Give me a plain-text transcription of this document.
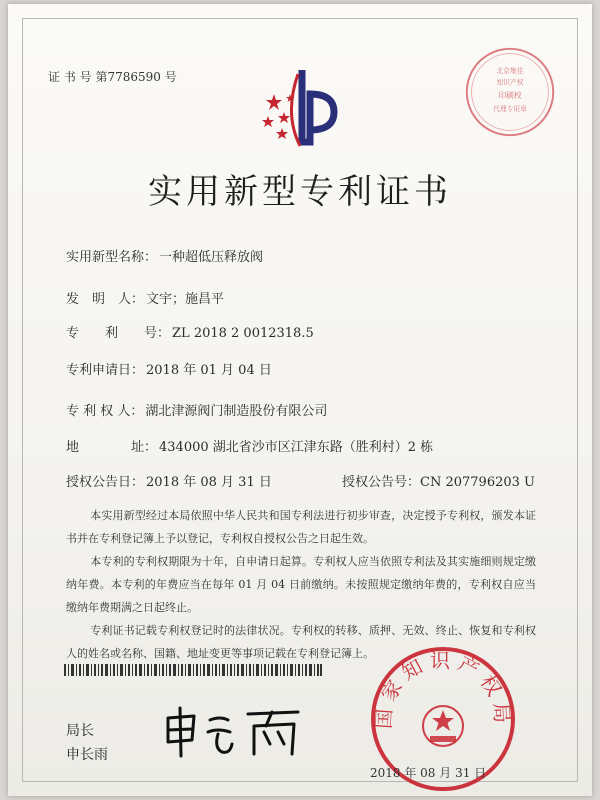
证 书 号 第7786590 号	北京集佳
知识产权
印刷校
代理专用章
实用新型专利证书
实用新型名称： 一种超低压释放阀
发　明　人： 文宇；施昌平
专　　利　　号： ZL 2018 2 0012318.5
专利申请日： 2018 年 01 月 04 日
专 利 权 人： 湖北津源阀门制造股份有限公司
地　　　　址： 434000 湖北省沙市区江津东路（胜利村）2 栋
授权公告日： 2018 年 08 月 31 日	授权公告号：CN 207796203 U

本实用新型经过本局依照中华人民共和国专利法进行初步审查，决定授予专利权，颁发本证书并在专利登记簿上予以登记，专利权自授权公告之日起生效。

本专利的专利权期限为十年，自申请日起算。专利权人应当依照专利法及其实施细则规定缴纳年费。本专利的年费应当在每年 01 月 04 日前缴纳。未按照规定缴纳年费的，专利权自应当缴纳年费期满之日起终止。

专利证书记载专利权登记时的法律状况。专利权的转移、质押、无效、终止、恢复和专利权人的姓名或名称、国籍、地址变更等事项记载在专利登记簿上。

局长
申长雨
国家知识产权局
2018 年 08 月 31 日
